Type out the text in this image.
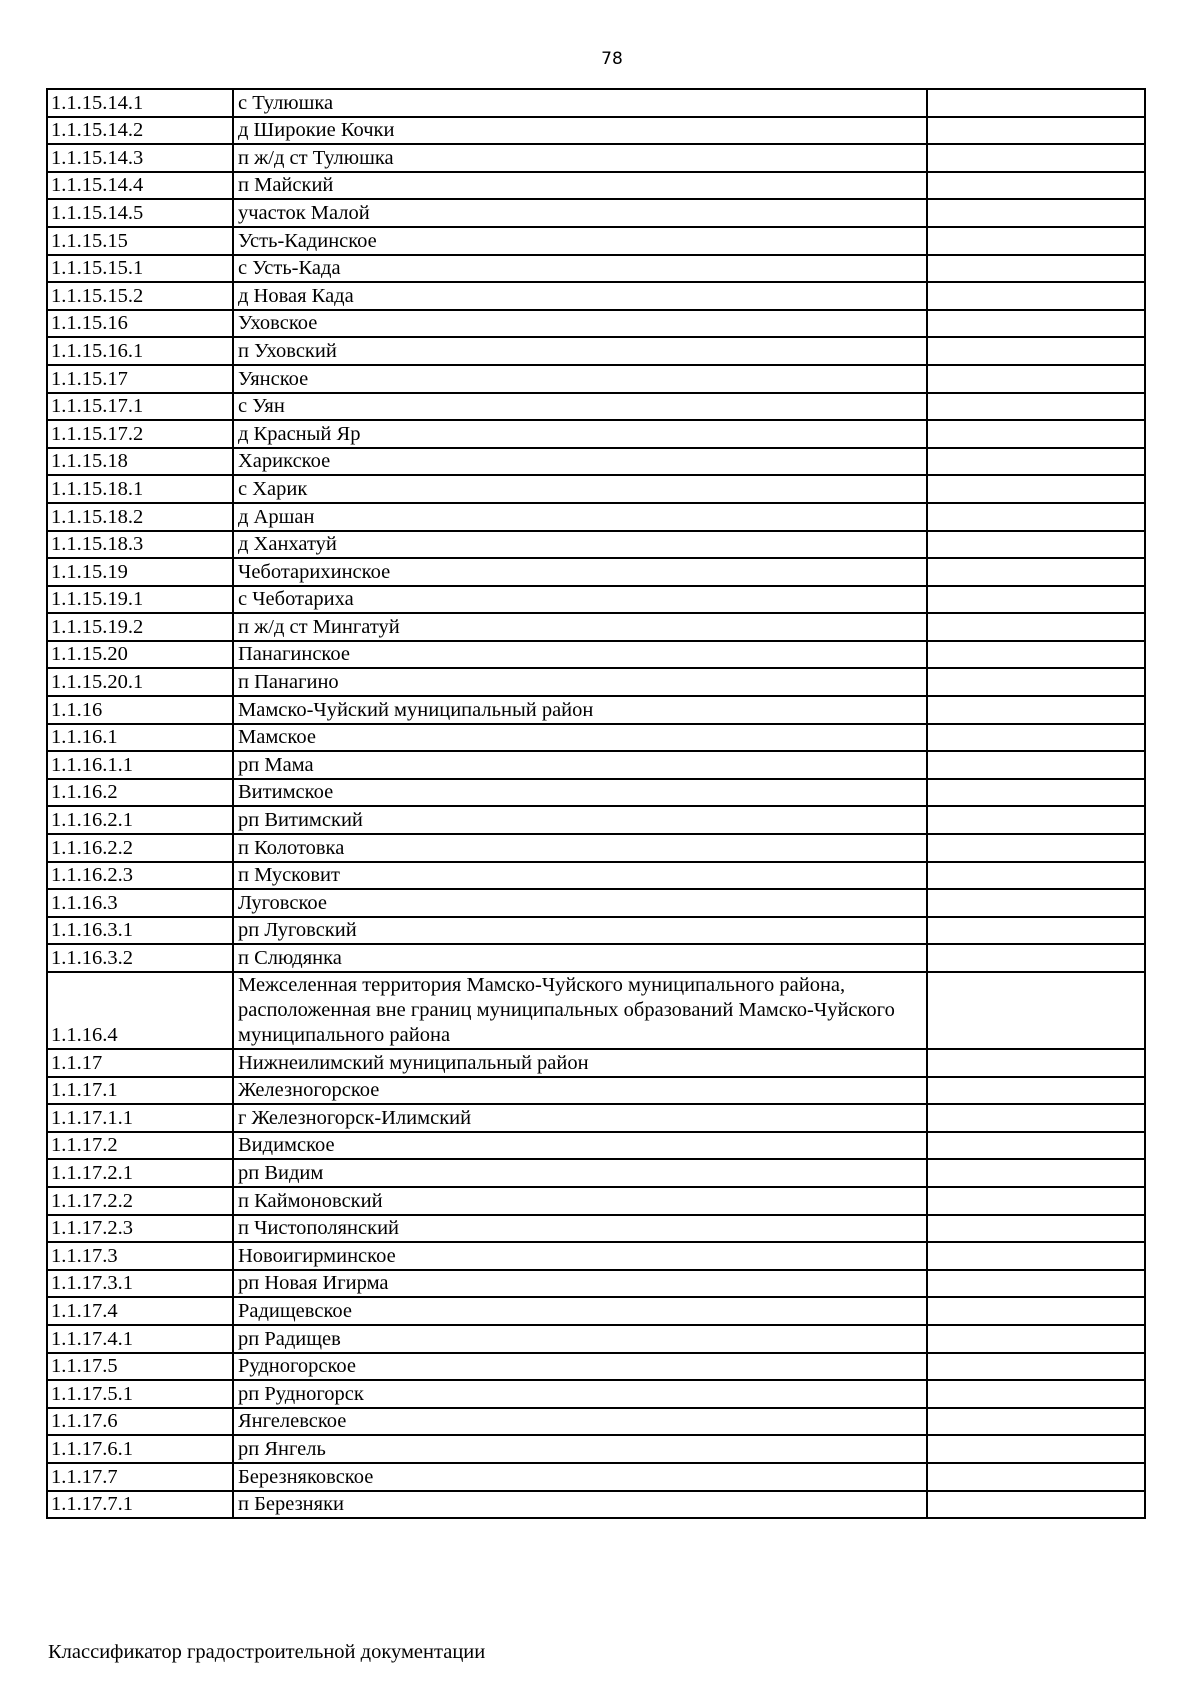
78
1.1.15.14.1	с Тулюшка	
1.1.15.14.2	д Широкие Кочки	
1.1.15.14.3	п ж/д ст Тулюшка	
1.1.15.14.4	п Майский	
1.1.15.14.5	участок Малой	
1.1.15.15	Усть-Кадинское	
1.1.15.15.1	с Усть-Када	
1.1.15.15.2	д Новая Када	
1.1.15.16	Уховское	
1.1.15.16.1	п Уховский	
1.1.15.17	Уянское	
1.1.15.17.1	с Уян	
1.1.15.17.2	д Красный Яр	
1.1.15.18	Харикское	
1.1.15.18.1	с Харик	
1.1.15.18.2	д Аршан	
1.1.15.18.3	д Ханхатуй	
1.1.15.19	Чеботарихинское	
1.1.15.19.1	с Чеботариха	
1.1.15.19.2	п ж/д ст Мингатуй	
1.1.15.20	Панагинское	
1.1.15.20.1	п Панагино	
1.1.16	Мамско-Чуйский муниципальный район	
1.1.16.1	Мамское	
1.1.16.1.1	рп Мама	
1.1.16.2	Витимское	
1.1.16.2.1	рп Витимский	
1.1.16.2.2	п Колотовка	
1.1.16.2.3	п Мусковит	
1.1.16.3	Луговское	
1.1.16.3.1	рп Луговский	
1.1.16.3.2	п Слюдянка	
1.1.16.4	Межселенная территория Мамско-Чуйского муниципального района, расположенная вне границ муниципальных образований Мамско-Чуйского муниципального района	
1.1.17	Нижнеилимский муниципальный район	
1.1.17.1	Железногорское	
1.1.17.1.1	г Железногорск-Илимский	
1.1.17.2	Видимское	
1.1.17.2.1	рп Видим	
1.1.17.2.2	п Каймоновский	
1.1.17.2.3	п Чистополянский	
1.1.17.3	Новоигирминское	
1.1.17.3.1	рп Новая Игирма	
1.1.17.4	Радищевское	
1.1.17.4.1	рп Радищев	
1.1.17.5	Рудногорское	
1.1.17.5.1	рп Рудногорск	
1.1.17.6	Янгелевское	
1.1.17.6.1	рп Янгель	
1.1.17.7	Березняковское	
1.1.17.7.1	п Березняки	
Классификатор градостроительной документации
